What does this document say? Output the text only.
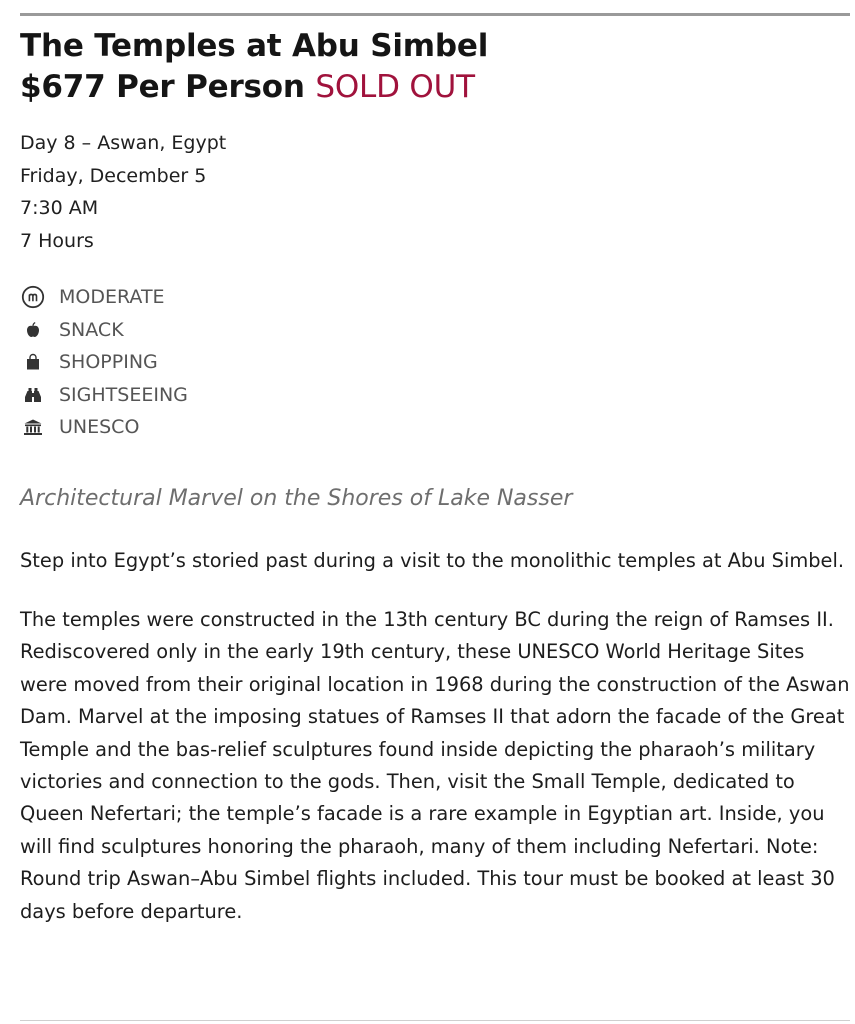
The Temples at Abu Simbel

$677 Per Person SOLD OUT

Day 8 – Aswan, Egypt
Friday, December 5
7:30 AM
7 Hours
MODERATE
SNACK
SHOPPING
SIGHTSEEING
UNESCO

Architectural Marvel on the Shores of Lake Nasser

Step into Egypt’s storied past during a visit to the monolithic temples at Abu Simbel.

The temples were constructed in the 13th century BC during the reign of Ramses II. Rediscovered only in the early 19th century, these UNESCO World Heritage Sites were moved from their original location in 1968 during the construction of the Aswan Dam. Marvel at the imposing statues of Ramses II that adorn the facade of the Great Temple and the bas-relief sculptures found inside depicting the pharaoh’s military victories and connection to the gods. Then, visit the Small Temple, dedicated to Queen Nefertari; the temple’s facade is a rare example in Egyptian art. Inside, you will find sculptures honoring the pharaoh, many of them including Nefertari. Note: Round trip Aswan–Abu Simbel flights included. This tour must be booked at least 30 days before departure.
